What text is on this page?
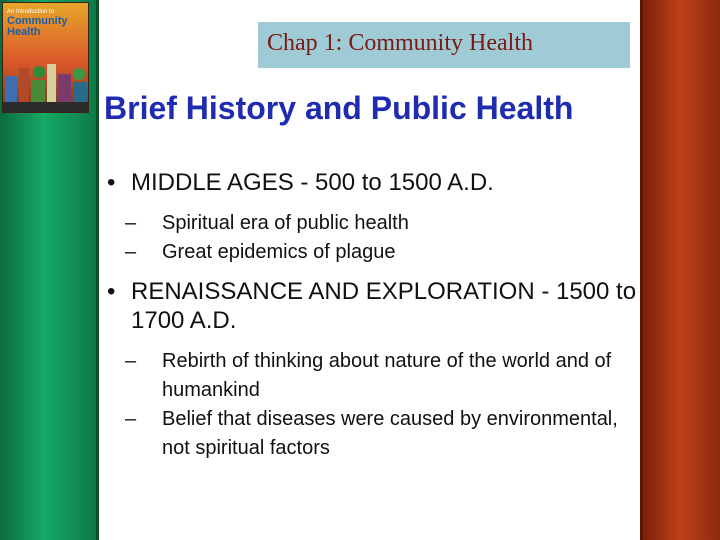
An Introduction to
Community
Health	Chap 1: Community Health
Brief History and Public Health
• MIDDLE AGES - 500 to 1500 A.D.
– Spiritual era of public health
– Great epidemics of plague
• RENAISSANCE AND EXPLORATION - 1500 to 1700 A.D.
– Rebirth of thinking about nature of the world and of humankind
– Belief that diseases were caused by environmental, not spiritual factors
